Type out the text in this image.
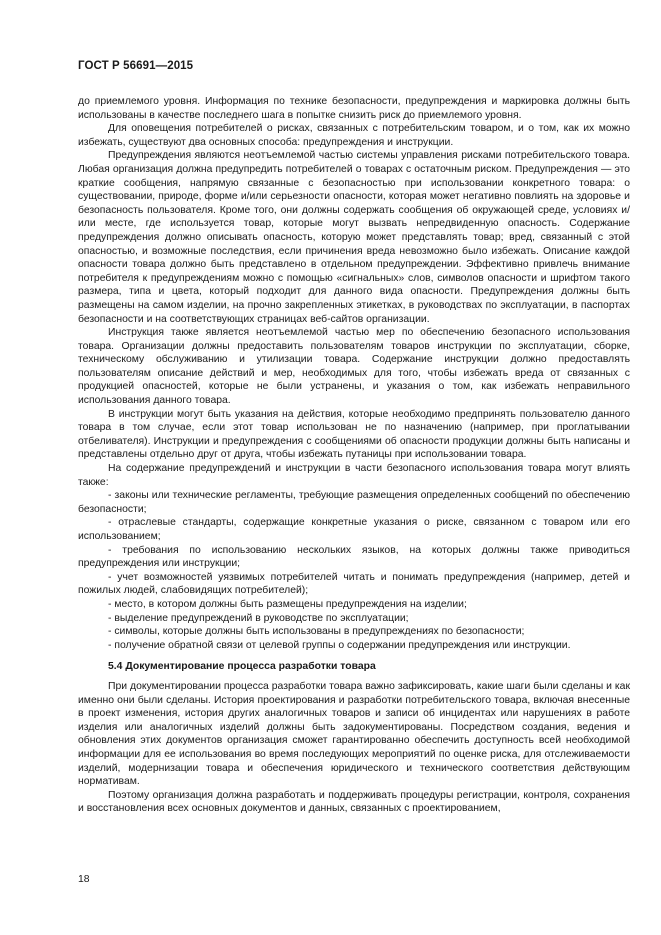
ГОСТ Р 56691—2015

до приемлемого уровня. Информация по технике безопасности, предупреждения и маркировка должны быть использованы в качестве последнего шага в попытке снизить риск до приемлемого уровня.

Для оповещения потребителей о рисках, связанных с потребительским товаром, и о том, как их можно избежать, существуют два основных способа: предупреждения и инструкции.

Предупреждения являются неотъемлемой частью системы управления рисками потребительского товара. Любая организация должна предупредить потребителей о товарах с остаточным риском. Предупреждения — это краткие сообщения, напрямую связанные с безопасностью при использовании конкретного товара: о существовании, природе, форме и/или серьезности опасности, которая может негативно повлиять на здоровье и безопасность пользователя. Кроме того, они должны содержать сообщения об окружающей среде, условиях и/или месте, где используется товар, которые могут вызвать непредвиденную опасность. Содержание предупреждения должно описывать опасность, которую может представлять товар; вред, связанный с этой опасностью, и возможные последствия, если причинения вреда невозможно было избежать. Описание каждой опасности товара должно быть представлено в отдельном предупреждении. Эффективно привлечь внимание потребителя к предупреждениям можно с помощью «сигнальных» слов, символов опасности и шрифтом такого размера, типа и цвета, который подходит для данного вида опасности. Предупреждения должны быть размещены на самом изделии, на прочно закрепленных этикетках, в руководствах по эксплуатации, в паспортах безопасности и на соответствующих страницах веб-сайтов организации.

Инструкция также является неотъемлемой частью мер по обеспечению безопасного использования товара. Организации должны предоставить пользователям товаров инструкции по эксплуатации, сборке, техническому обслуживанию и утилизации товара. Содержание инструкции должно предоставлять пользователям описание действий и мер, необходимых для того, чтобы избежать вреда от связанных с продукцией опасностей, которые не были устранены, и указания о том, как избежать неправильного использования данного товара.

В инструкции могут быть указания на действия, которые необходимо предпринять пользователю данного товара в том случае, если этот товар использован не по назначению (например, при проглатывании отбеливателя). Инструкции и предупреждения с сообщениями об опасности продукции должны быть написаны и представлены отдельно друг от друга, чтобы избежать путаницы при использовании товара.

На содержание предупреждений и инструкции в части безопасного использования товара могут влиять также:

- законы или технические регламенты, требующие размещения определенных сообщений по обеспечению безопасности;

- отраслевые стандарты, содержащие конкретные указания о риске, связанном с товаром или его использованием;

- требования по использованию нескольких языков, на которых должны также приводиться предупреждения или инструкции;

- учет возможностей уязвимых потребителей читать и понимать предупреждения (например, детей и пожилых людей, слабовидящих потребителей);

- место, в котором должны быть размещены предупреждения на изделии;

- выделение предупреждений в руководстве по эксплуатации;

- символы, которые должны быть использованы в предупреждениях по безопасности;

- получение обратной связи от целевой группы о содержании предупреждения или инструкции.

5.4 Документирование процесса разработки товара

При документировании процесса разработки товара важно зафиксировать, какие шаги были сделаны и как именно они были сделаны. История проектирования и разработки потребительского товара, включая внесенные в проект изменения, история других аналогичных товаров и записи об инцидентах или нарушениях в работе изделия или аналогичных изделий должны быть задокументированы. Посредством создания, ведения и обновления этих документов организация сможет гарантированно обеспечить доступность всей необходимой информации для ее использования во время последующих мероприятий по оценке риска, для отслеживаемости изделий, модернизации товара и обеспечения юридического и технического соответствия действующим нормативам.

Поэтому организация должна разработать и поддерживать процедуры регистрации, контроля, сохранения и восстановления всех основных документов и данных, связанных с проектированием,

18
